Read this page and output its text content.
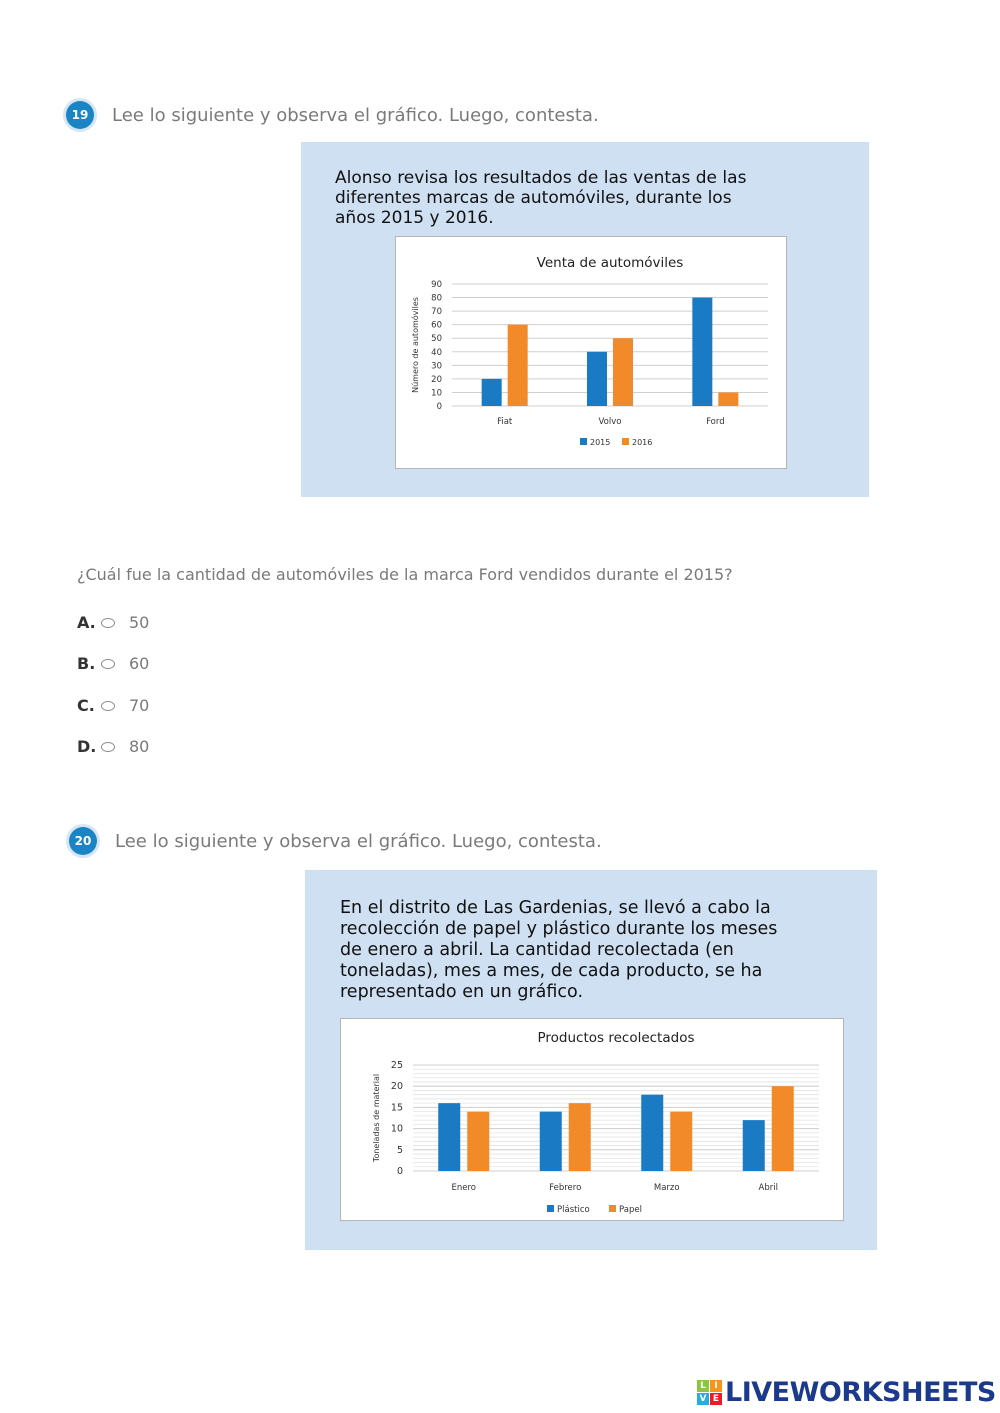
19	Lee lo siguiente y observa el gráfico. Luego, contesta.
Alonso revisa los resultados de las ventas de las
diferentes marcas de automóviles, durante los
años 2015 y 2016.
Venta de automóviles
0
10
20
30
40
50
60
70
80
90
Número de automóviles
Fiat	Volvo	Ford
2015	2016
¿Cuál fue la cantidad de automóviles de la marca Ford vendidos durante el 2015?
A. 50
B. 60
C. 70
D. 80
20	Lee lo siguiente y observa el gráfico. Luego, contesta.
En el distrito de Las Gardenias, se llevó a cabo la
recolección de papel y plástico durante los meses
de enero a abril. La cantidad recolectada (en
toneladas), mes a mes, de cada producto, se ha
representado en un gráfico.
Productos recolectados
0
5
10
15
20
25
Toneladas de material
Enero	Febrero	Marzo	Abril
Plástico	Papel
L I
V E LIVEWORKSHEETS
